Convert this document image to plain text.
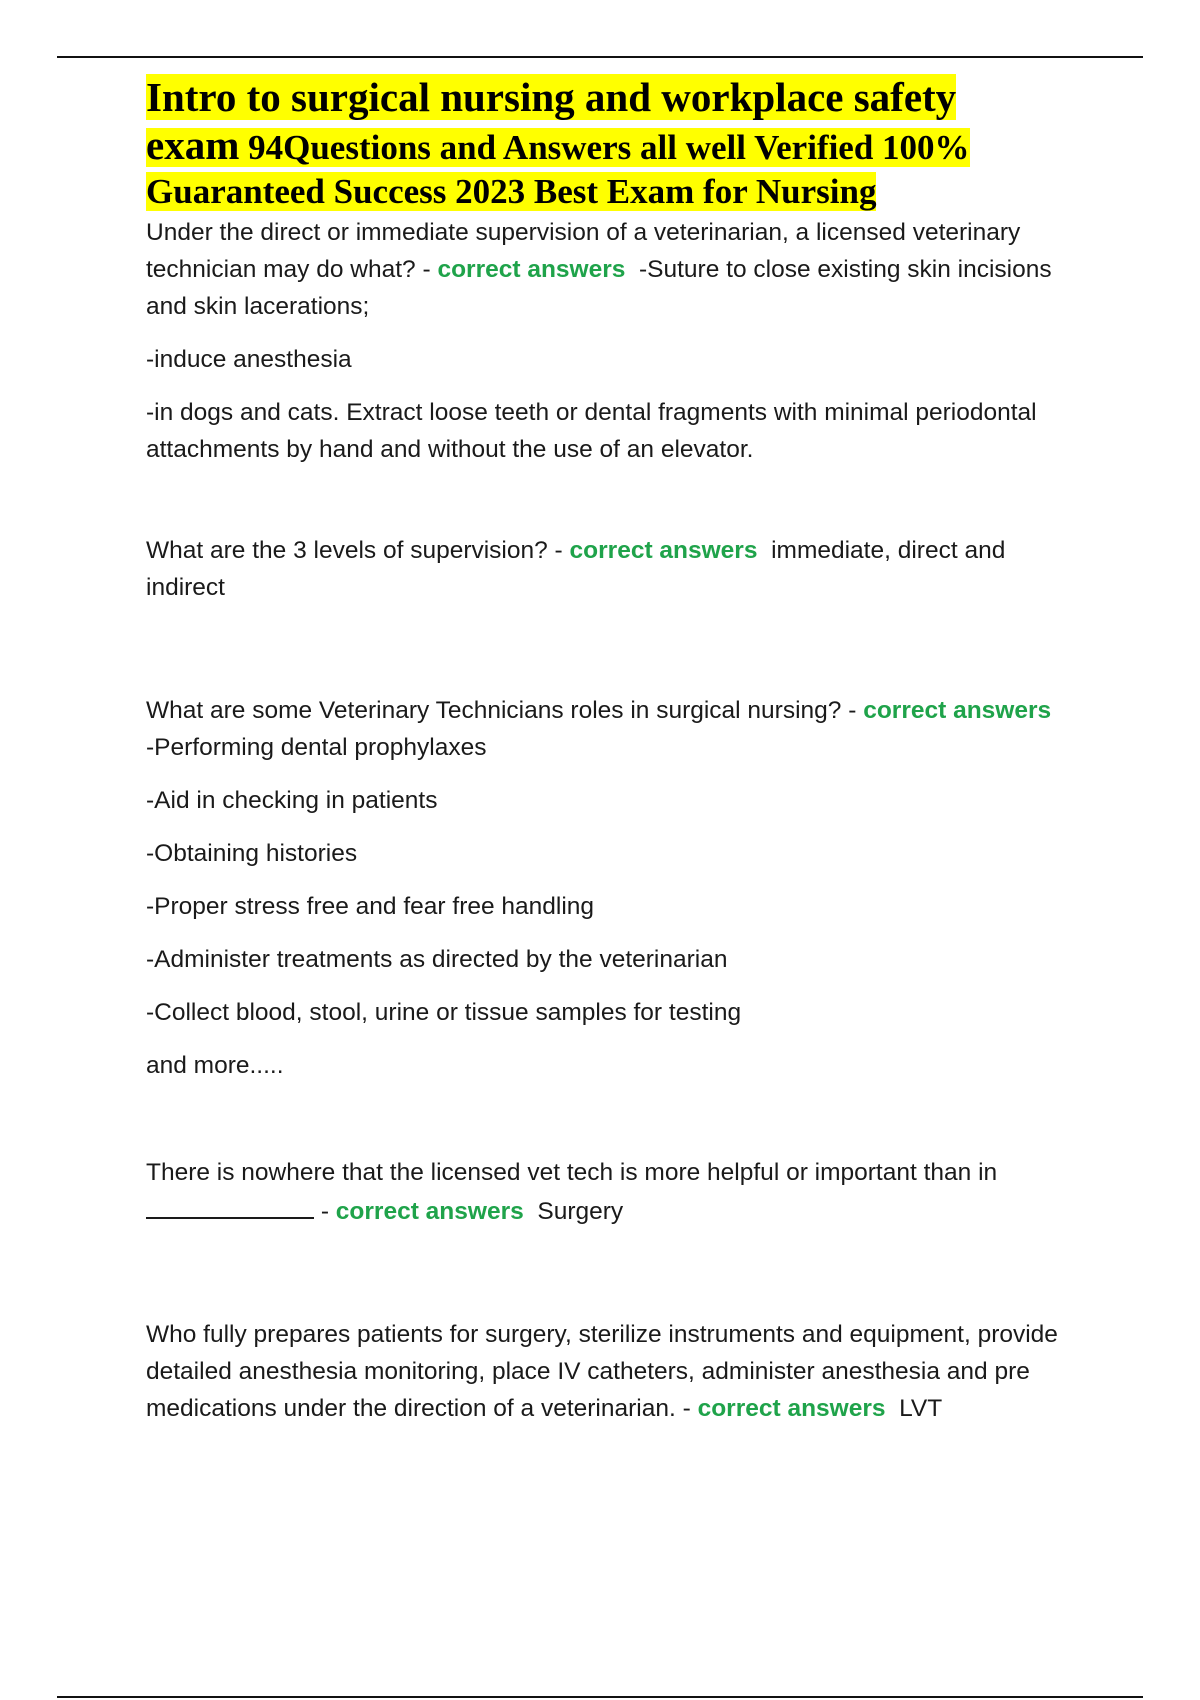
Intro to surgical nursing and workplace safety
exam 94Questions and Answers all well Verified 100%
Guaranteed Success 2023 Best Exam for Nursing

Under the direct or immediate supervision of a veterinarian, a licensed veterinary technician may do what? - correct answers -Suture to close existing skin incisions and skin lacerations;

-induce anesthesia

-in dogs and cats. Extract loose teeth or dental fragments with minimal periodontal attachments by hand and without the use of an elevator.

What are the 3 levels of supervision? - correct answers immediate, direct and indirect

What are some Veterinary Technicians roles in surgical nursing? - correct answers
-Performing dental prophylaxes

-Aid in checking in patients

-Obtaining histories

-Proper stress free and fear free handling

-Administer treatments as directed by the veterinarian

-Collect blood, stool, urine or tissue samples for testing

and more.....

There is nowhere that the licensed vet tech is more helpful or important than in
- correct answers Surgery

Who fully prepares patients for surgery, sterilize instruments and equipment, provide detailed anesthesia monitoring, place IV catheters, administer anesthesia and pre medications under the direction of a veterinarian. - correct answers LVT
